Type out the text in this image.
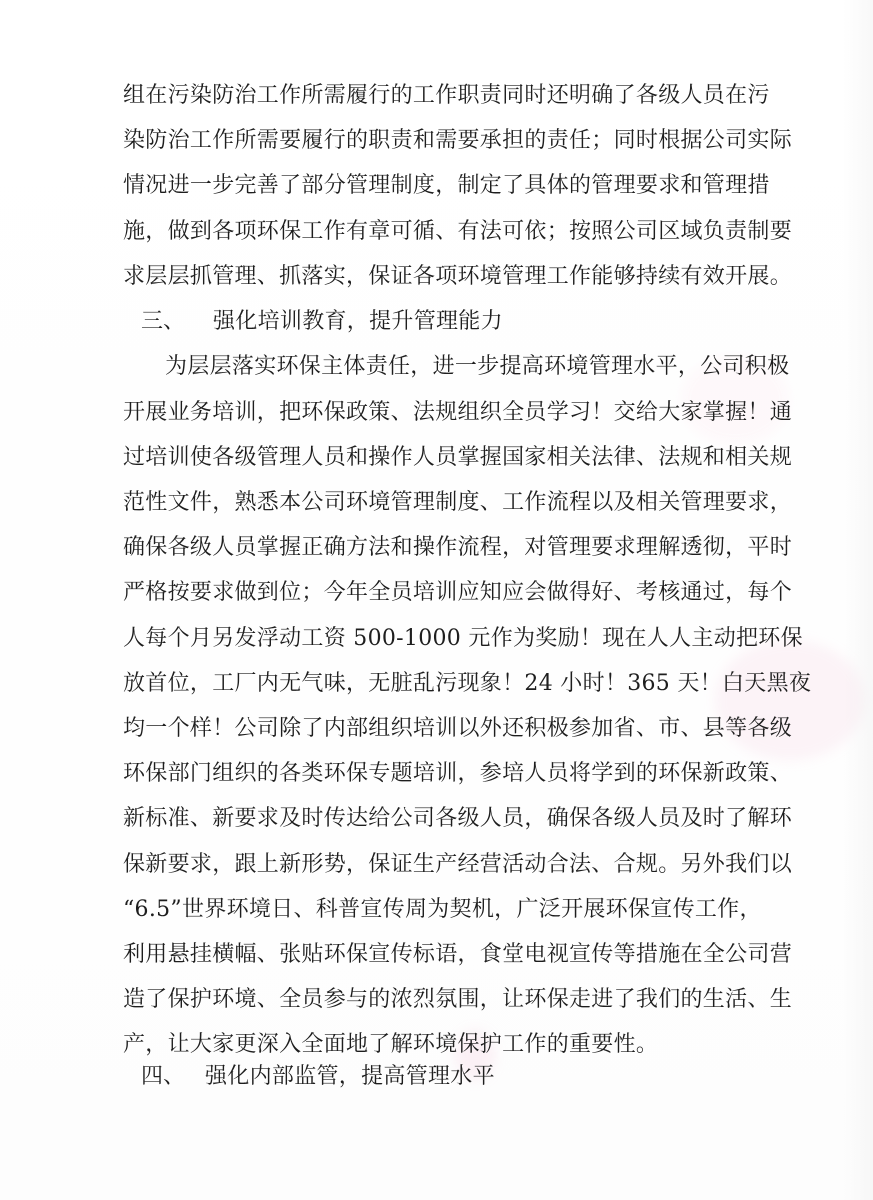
组在污染防治工作所需履行的工作职责同时还明确了各级人员在污
染防治工作所需要履行的职责和需要承担的责任；同时根据公司实际
情况进一步完善了部分管理制度，制定了具体的管理要求和管理措
施，做到各项环保工作有章可循、有法可依；按照公司区域负责制要
求层层抓管理、抓落实，保证各项环境管理工作能够持续有效开展。
三、 强化培训教育，提升管理能力
为层层落实环保主体责任，进一步提高环境管理水平，公司积极
开展业务培训，把环保政策、法规组织全员学习！交给大家掌握！通
过培训使各级管理人员和操作人员掌握国家相关法律、法规和相关规
范性文件，熟悉本公司环境管理制度、工作流程以及相关管理要求，
确保各级人员掌握正确方法和操作流程，对管理要求理解透彻，平时
严格按要求做到位；今年全员培训应知应会做得好、考核通过，每个
人每个月另发浮动工资 500-1000 元作为奖励！现在人人主动把环保
放首位，工厂内无气味，无脏乱污现象！24 小时！365 天！白天黑夜
均一个样！公司除了内部组织培训以外还积极参加省、市、县等各级
环保部门组织的各类环保专题培训，参培人员将学到的环保新政策、
新标准、新要求及时传达给公司各级人员，确保各级人员及时了解环
保新要求，跟上新形势，保证生产经营活动合法、合规。另外我们以
“6.5”世界环境日、科普宣传周为契机，广泛开展环保宣传工作，
利用悬挂横幅、张贴环保宣传标语，食堂电视宣传等措施在全公司营
造了保护环境、全员参与的浓烈氛围，让环保走进了我们的生活、生
产，让大家更深入全面地了解环境保护工作的重要性。
四、 强化内部监管，提高管理水平
